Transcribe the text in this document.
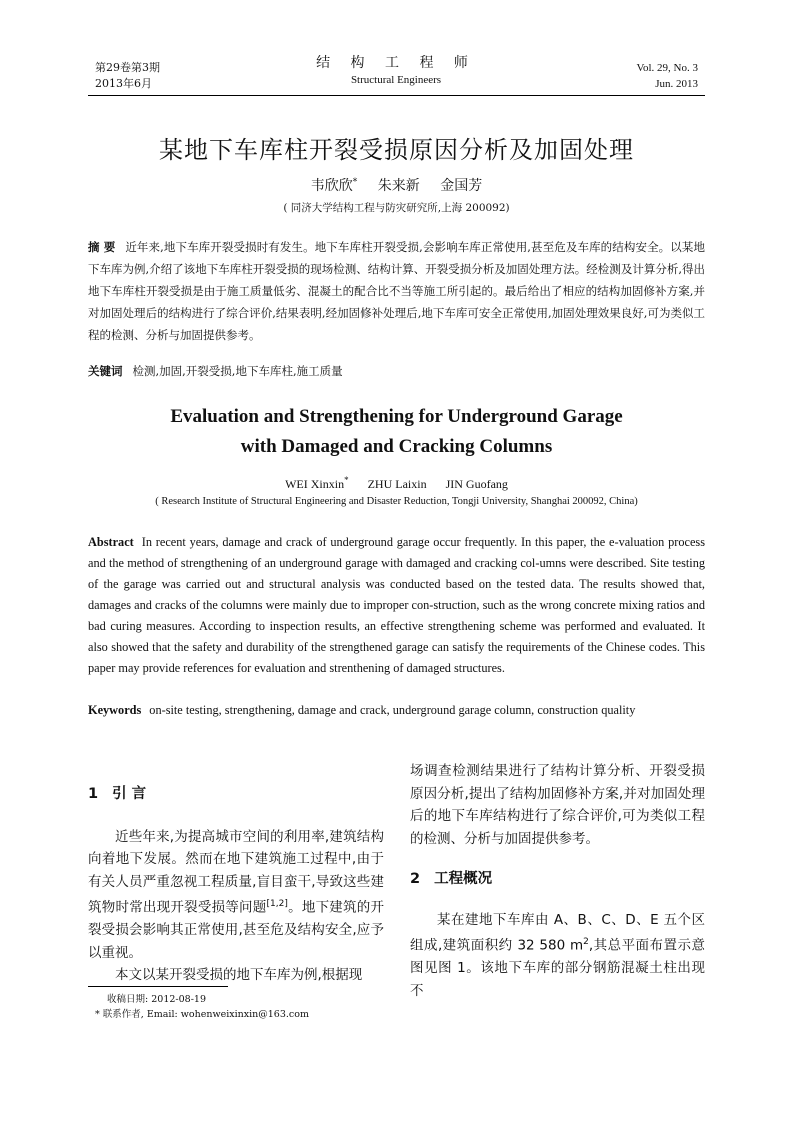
第29卷第3期
2013年6月
结 构 工 程 师
Structural Engineers
Vol. 29, No. 3
Jun. 2013
某地下车库柱开裂受损原因分析及加固处理
韦欣欣* 朱来新 金国芳
( 同济大学结构工程与防灾研究所,上海 200092)
摘 要 近年来,地下车库开裂受损时有发生。地下车库柱开裂受损,会影响车库正常使用,甚至危及车库的结构安全。以某地下车库为例,介绍了该地下车库柱开裂受损的现场检测、结构计算、开裂受损分析及加固处理方法。经检测及计算分析,得出地下车库柱开裂受损是由于施工质量低劣、混凝土的配合比不当等施工所引起的。最后给出了相应的结构加固修补方案,并对加固处理后的结构进行了综合评价,结果表明,经加固修补处理后,地下车库可安全正常使用,加固处理效果良好,可为类似工程的检测、分析与加固提供参考。
关键词 检测,加固,开裂受损,地下车库柱,施工质量
Evaluation and Strengthening for Underground Garage
with Damaged and Cracking Columns
WEI Xinxin* ZHU Laixin JIN Guofang
( Research Institute of Structural Engineering and Disaster Reduction, Tongji University, Shanghai 200092, China)
Abstract In recent years, damage and crack of underground garage occur frequently. In this paper, the e-valuation process and the method of strengthening of an underground garage with damaged and cracking col-umns were described. Site testing of the garage was carried out and structural analysis was conducted based on the tested data. The results showed that, damages and cracks of the columns were mainly due to improper con-struction, such as the wrong concrete mixing ratios and bad curing measures. According to inspection results, an effective strengthening scheme was performed and evaluated. It also showed that the safety and durability of the strengthened garage can satisfy the requirements of the Chinese codes. This paper may provide references for evaluation and strenthening of damaged structures.
Keywords on-site testing, strengthening, damage and crack, underground garage column, construction quality
1 引 言

近些年来,为提高城市空间的利用率,建筑结构向着地下发展。然而在地下建筑施工过程中,由于有关人员严重忽视工程质量,盲目蛮干,导致这些建筑物时常出现开裂受损等问题[1,2]。地下建筑的开裂受损会影响其正常使用,甚至危及结构安全,应予以重视。

本文以某开裂受损的地下车库为例,根据现

场调查检测结果进行了结构计算分析、开裂受损原因分析,提出了结构加固修补方案,并对加固处理后的地下车库结构进行了综合评价,可为类似工程的检测、分析与加固提供参考。

2 工程概况

某在建地下车库由 A、B、C、D、E 五个区组成,建筑面积约 32 580 $m^2$,其总平面布置示意图见图 1。该地下车库的部分钢筋混凝土柱出现不

收稿日期: 2012-08-19
* 联系作者, Email: wohenweixinxin@163.com
